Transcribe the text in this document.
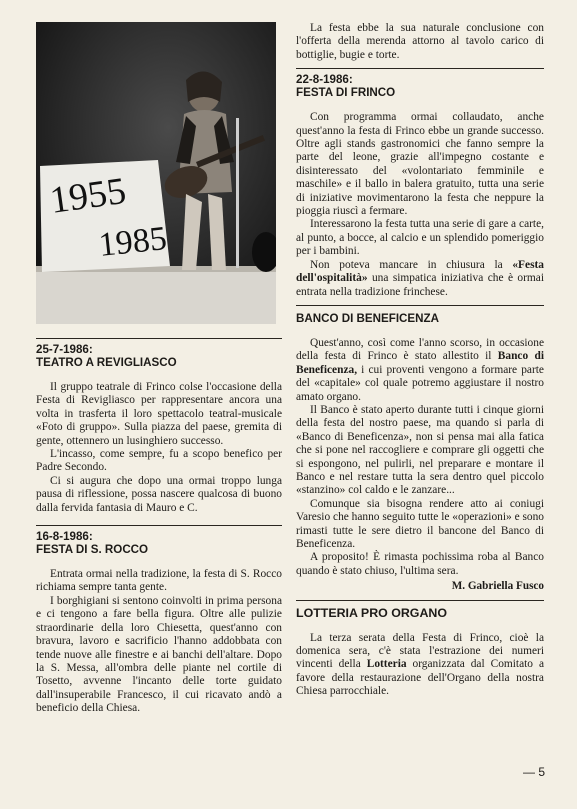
1955
1985
25-7-1986:
TEATRO A REVIGLIASCO

Il gruppo teatrale di Frinco colse l'occasione della Festa di Revigliasco per rappresentare ancora una volta in trasferta il loro spettacolo teatral-musicale «Foto di gruppo». Sulla piazza del paese, gremita di gente, ottennero un lusinghiero successo.

L'incasso, come sempre, fu a scopo benefico per Padre Secondo.

Ci si augura che dopo una ormai troppo lunga pausa di riflessione, possa nascere qualcosa di buono dalla fervida fantasia di Mauro e C.

16-8-1986:
FESTA DI S. ROCCO

Entrata ormai nella tradizione, la festa di S. Rocco richiama sempre tanta gente.

I borghigiani si sentono coinvolti in prima persona e ci tengono a fare bella figura. Oltre alle pulizie straordinarie della loro Chiesetta, quest'anno con bravura, lavoro e sacrificio l'hanno addobbata con tende nuove alle finestre e ai banchi dell'altare. Dopo la S. Messa, all'ombra delle piante nel cortile di Tosetto, avvenne l'incanto delle torte guidato dall'insuperabile Francesco, il cui ricavato andò a beneficio della Chiesa.

La festa ebbe la sua naturale conclusione con l'offerta della merenda attorno al tavolo carico di bottiglie, bugie e torte.

22-8-1986:
FESTA DI FRINCO

Con programma ormai collaudato, anche quest'anno la festa di Frinco ebbe un grande successo. Oltre agli stands gastronomici che fanno sempre la parte del leone, grazie all'impegno costante e disinteressato del «volontariato femminile e maschile» e il ballo in balera gratuito, tutta una serie di iniziative movimentarono la festa che neppure la pioggia riuscì a fermare.

Interessarono la festa tutta una serie di gare a carte, al punto, a bocce, al calcio e un splendido pomeriggio per i bambini.

Non poteva mancare in chiusura la «Festa dell'ospitalità» una simpatica iniziativa che è ormai entrata nella tradizione frinchese.

BANCO DI BENEFICENZA

Quest'anno, così come l'anno scorso, in occasione della festa di Frinco è stato allestito il Banco di Beneficenza, i cui proventi vengono a formare parte del «capitale» col quale potremo aggiustare il nostro amato organo.

Il Banco è stato aperto durante tutti i cinque giorni della festa del nostro paese, ma quando si parla di «Banco di Beneficenza», non si pensa mai alla fatica che si pone nel raccogliere e comprare gli oggetti che si espongono, nel pulirli, nel preparare e montare il Banco e nel restare tutta la sera dentro quel piccolo «stanzino» col caldo e le zanzare...

Comunque sia bisogna rendere atto ai coniugi Varesio che hanno seguito tutte le «operazioni» e sono rimasti tutte le sere dietro il bancone del Banco di Beneficenza.

A proposito! È rimasta pochissima roba al Banco quando è stato chiuso, l'ultima sera.

M. Gabriella Fusco
LOTTERIA PRO ORGANO

La terza serata della Festa di Frinco, cioè la domenica sera, c'è stata l'estrazione dei numeri vincenti della Lotteria organizzata dal Comitato a favore della restaurazione dell'Organo della nostra Chiesa parrocchiale.

— 5
